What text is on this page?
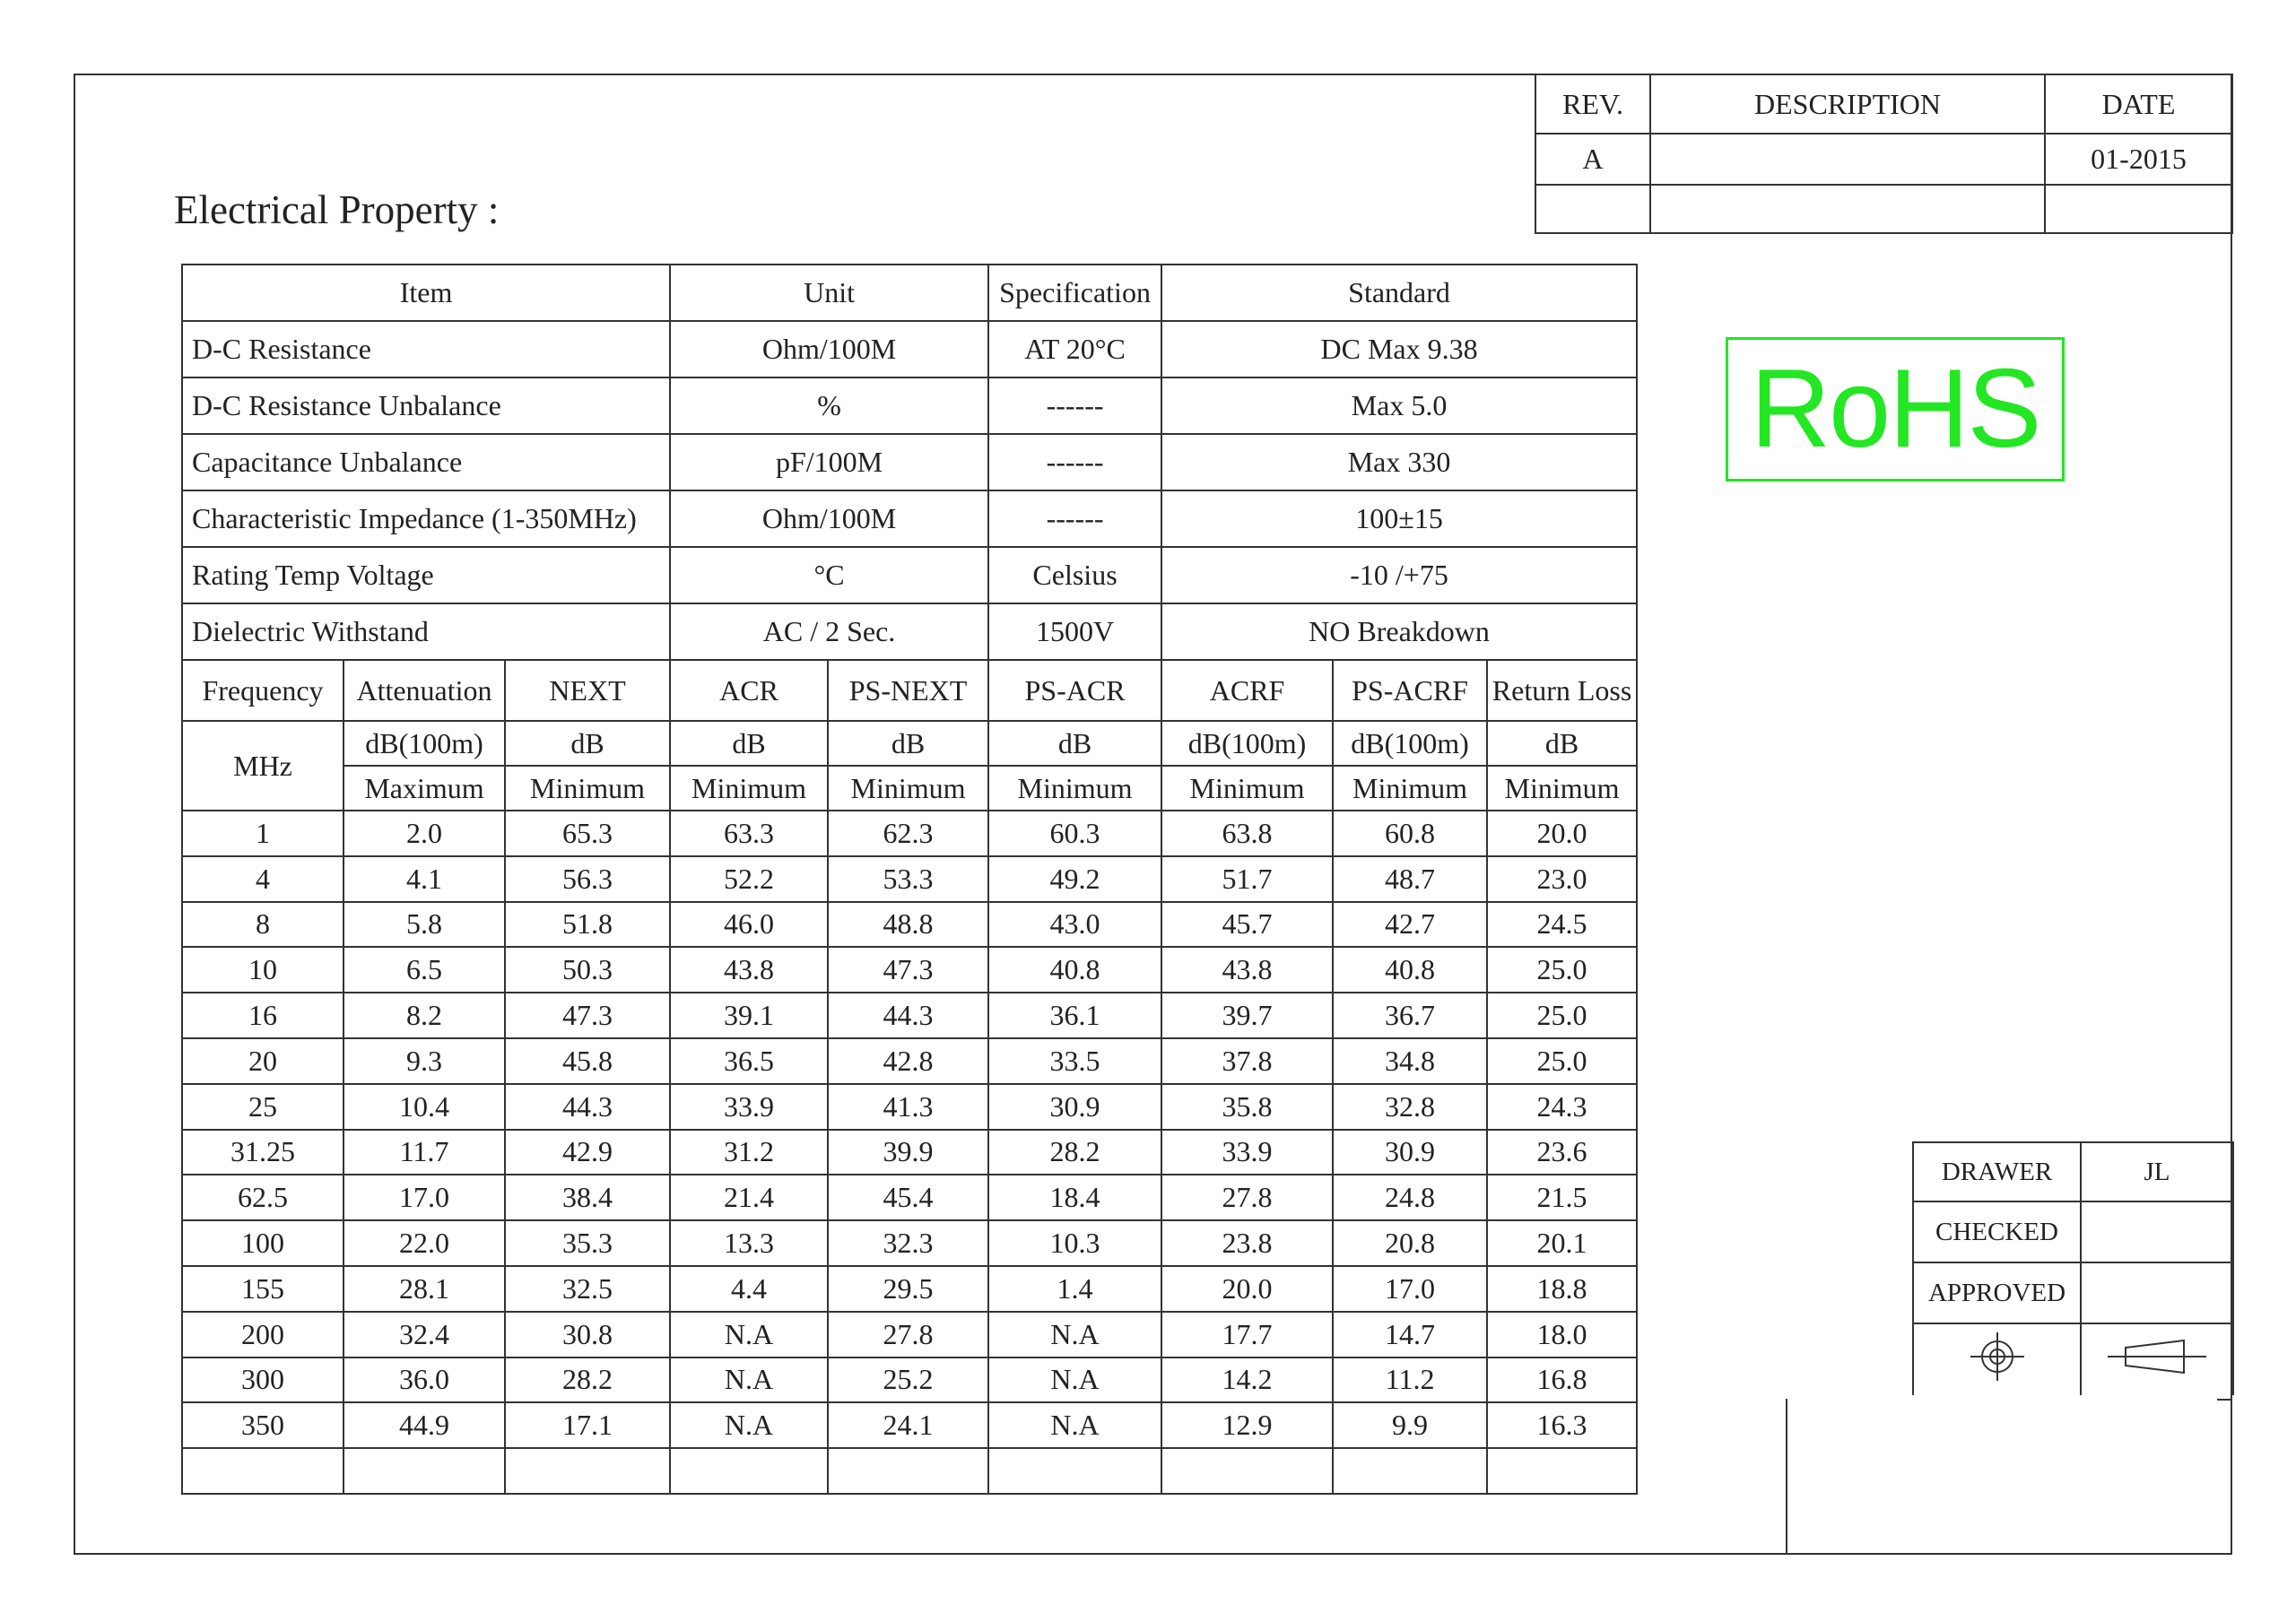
Electrical Property :
REV.	DESCRIPTION	DATE
A		01-2015

Item			Unit		Specification	Standard		
D-C Resistance			Ohm/100M		AT 20°C	DC Max 9.38		
D-C Resistance Unbalance			%		------	Max 5.0		
Capacitance Unbalance			pF/100M		------	Max 330		
Characteristic Impedance (1-350MHz)			Ohm/100M		------	100±15		
Rating Temp Voltage			°C		Celsius	-10 /+75		
Dielectric Withstand			AC / 2 Sec.		1500V	NO Breakdown		
Frequency	Attenuation	NEXT	ACR	PS-NEXT	PS-ACR	ACRF	PS-ACRF	Return Loss
MHz	dB(100m)	dB	dB	dB	dB	dB(100m)	dB(100m)	dB
	Maximum	Minimum	Minimum	Minimum	Minimum	Minimum	Minimum	Minimum
1	2.0	65.3	63.3	62.3	60.3	63.8	60.8	20.0
4	4.1	56.3	52.2	53.3	49.2	51.7	48.7	23.0
8	5.8	51.8	46.0	48.8	43.0	45.7	42.7	24.5
10	6.5	50.3	43.8	47.3	40.8	43.8	40.8	25.0
16	8.2	47.3	39.1	44.3	36.1	39.7	36.7	25.0
20	9.3	45.8	36.5	42.8	33.5	37.8	34.8	25.0
25	10.4	44.3	33.9	41.3	30.9	35.8	32.8	24.3
31.25	11.7	42.9	31.2	39.9	28.2	33.9	30.9	23.6
62.5	17.0	38.4	21.4	45.4	18.4	27.8	24.8	21.5
100	22.0	35.3	13.3	32.3	10.3	23.8	20.8	20.1
155	28.1	32.5	4.4	29.5	1.4	20.0	17.0	18.8
200	32.4	30.8	N.A	27.8	N.A	17.7	14.7	18.0
300	36.0	28.2	N.A	25.2	N.A	14.2	11.2	16.8
350	44.9	17.1	N.A	24.1	N.A	12.9	9.9	16.3

RoHS
DRAWER	JL
CHECKED	
APPROVED	
